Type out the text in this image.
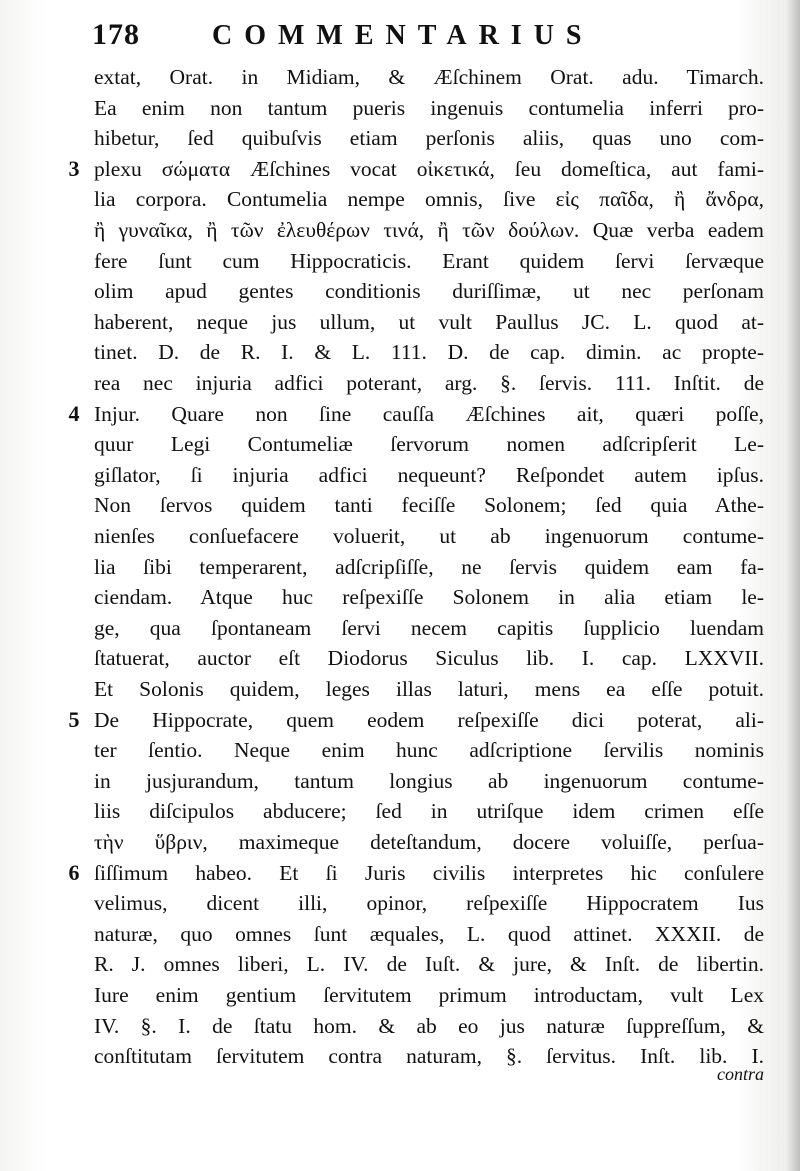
178	COMMENTARIUS
extat, Orat. in Midiam, & Æſchinem Orat. adu. Timarch.
Ea enim non tantum pueris ingenuis contumelia inferri pro-
hibetur, ſed quibuſvis etiam perſonis aliis, quas uno com-
plexu σώματα Æſchines vocat οἰκετικά, ſeu domeſtica, aut fami-
lia corpora. Contumelia nempe omnis, ſive εἰς παῖδα, ἢ ἄνδρα,
ἢ γυναῖκα, ἢ τῶν ἐλευθέρων τινά, ἢ τῶν δούλων. Quæ verba eadem
fere ſunt cum Hippocraticis. Erant quidem ſervi ſervæque
olim apud gentes conditionis duriſſimæ, ut nec perſonam
haberent, neque jus ullum, ut vult Paullus JC. L. quod at-
tinet. D. de R. I. & L. 111. D. de cap. dimin. ac propte-
rea nec injuria adfici poterant, arg. §. ſervis. 111. Inſtit. de
Injur. Quare non ſine cauſſa Æſchines ait, quæri poſſe,
quur Legi Contumeliæ ſervorum nomen adſcripſerit Le-
giſlator, ſi injuria adfici nequeunt? Reſpondet autem ipſus.
Non ſervos quidem tanti feciſſe Solonem; ſed quia Athe-
nienſes conſuefacere voluerit, ut ab ingenuorum contume-
lia ſibi temperarent, adſcripſiſſe, ne ſervis quidem eam fa-
ciendam. Atque huc reſpexiſſe Solonem in alia etiam le-
ge, qua ſpontaneam ſervi necem capitis ſupplicio luendam
ſtatuerat, auctor eſt Diodorus Siculus lib. I. cap. LXXVII.
Et Solonis quidem, leges illas laturi, mens ea eſſe potuit.
De Hippocrate, quem eodem reſpexiſſe dici poterat, ali-
ter ſentio. Neque enim hunc adſcriptione ſervilis nominis
in jusjurandum, tantum longius ab ingenuorum contume-
liis diſcipulos abducere; ſed in utriſque idem crimen eſſe
τὴν ὕβριν, maximeque deteſtandum, docere voluiſſe, perſua-
ſiſſimum habeo. Et ſi Juris civilis interpretes hic conſulere
velimus, dicent illi, opinor, reſpexiſſe Hippocratem Ius
naturæ, quo omnes ſunt æquales, L. quod attinet. XXXII. de
R. J. omnes liberi, L. IV. de Iuſt. & jure, & Inſt. de libertin.
Iure enim gentium ſervitutem primum introductam, vult Lex
IV. §. I. de ſtatu hom. & ab eo jus naturæ ſuppreſſum, &
conſtitutam ſervitutem contra naturam, §. ſervitus. Inſt. lib. I.
3
4
5
6
contra
